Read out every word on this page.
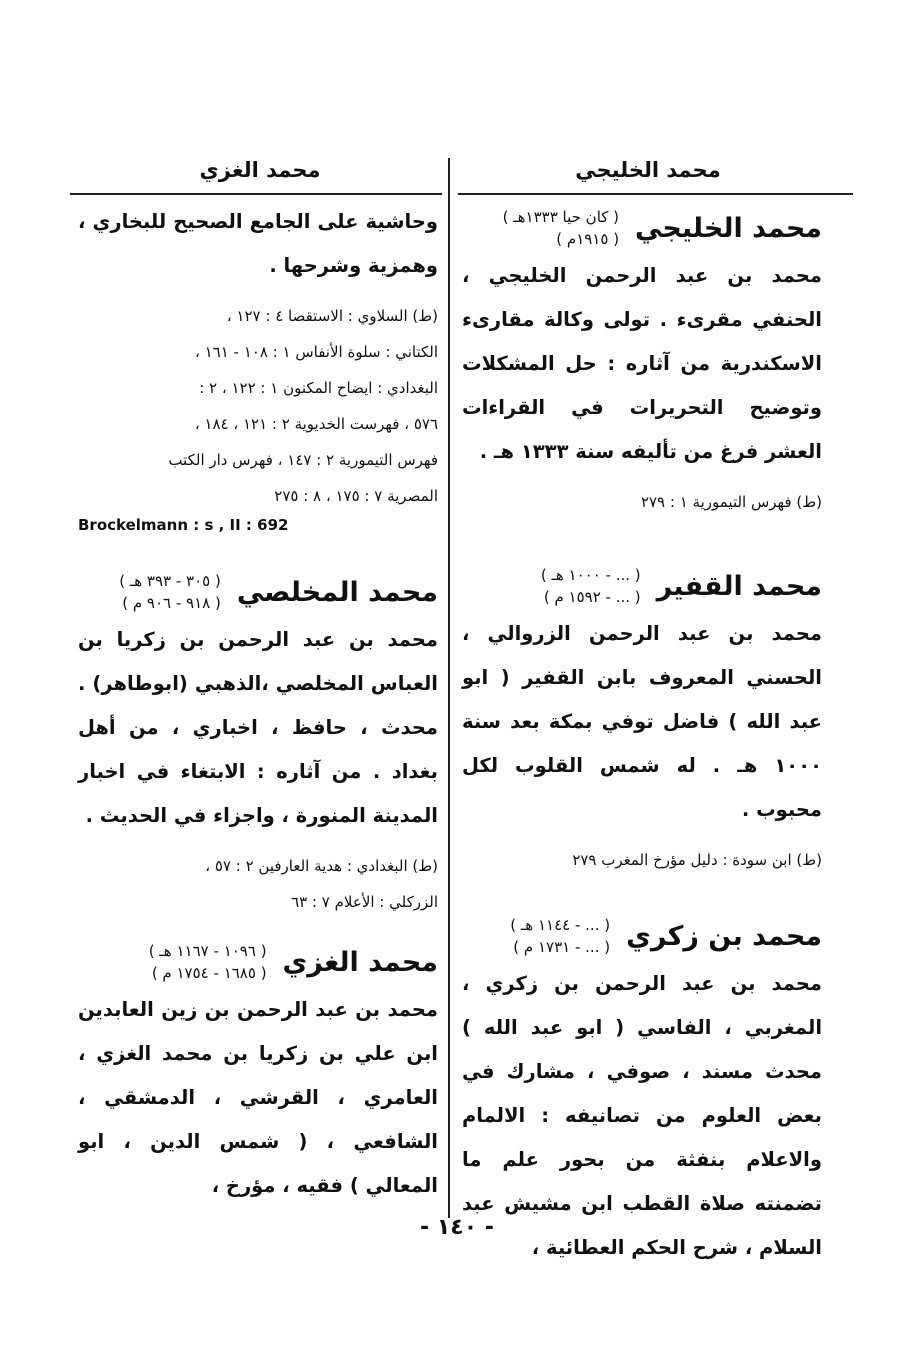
محمد الخليجي
محمد الغزي
محمد الخليجي
( كان حيا ١٣٣٣هـ )
( ١٩١٥م )

محمد بن عبد الرحمن الخليجي ، الحنفي مقرىء . تولى وكالة مقارىء الاسكندرية من آثاره : حل المشكلات وتوضيح التحريرات في القراءات العشر فرغ من تأليفه سنة ١٣٣٣ هـ .

(ط) فهرس التيمورية ١ : ٢٧٩

محمد القفير
( ... - ١٠٠٠ هـ )
( ... - ١٥٩٢ م )

محمد بن عبد الرحمن الزروالي ، الحسني المعروف بابن القفير ( ابو عبد الله ) فاضل توفي بمكة بعد سنة ١٠٠٠ هـ . له شمس القلوب لكل محبوب .

(ط) ابن سودة : دليل مؤرخ المغرب ٢٧٩

محمد بن زكري
( ... - ١١٤٤ هـ )
( ... - ١٧٣١ م )

محمد بن عبد الرحمن بن زكري ، المغربي ، الفاسي ( ابو عبد الله ) محدث مسند ، صوفي ، مشارك في بعض العلوم من تصانيفه : الالمام والاعلام بنفثة من بحور علم ما تضمنته صلاة القطب ابن مشيش عبد السلام ، شرح الحكم العطائية ،

وحاشية على الجامع الصحيح للبخاري ، وهمزية وشرحها .

(ط) السلاوي : الاستقصا ٤ : ١٢٧ ،
الكتاني : سلوة الأنفاس ١ : ١٠٨ - ١٦١ ،
البغدادي : ايضاح المكنون ١ : ١٢٢ ، ٢ :
٥٧٦ ، فهرست الخديوية ٢ : ١٢١ ، ١٨٤ ،
فهرس التيمورية ٢ : ١٤٧ ، فهرس دار الكتب
المصرية ٧ : ١٧٥ ، ٨ : ٢٧٥
Brockelmann : s , II : 692
محمد المخلصي
( ٣٠٥ - ٣٩٣ هـ )
( ٩١٨ - ٩٠٦ م )

محمد بن عبد الرحمن بن زكريا بن العباس المخلصي ،الذهبي (ابوطاهر) . محدث ، حافظ ، اخباري ، من أهل بغداد . من آثاره : الابتغاء في اخبار المدينة المنورة ، واجزاء في الحديث .

(ط) البغدادي : هدية العارفين ٢ : ٥٧ ،
الزركلي : الأعلام ٧ : ٦٣
محمد الغزي
( ١٠٩٦ - ١١٦٧ هـ )
( ١٦٨٥ - ١٧٥٤ م )

محمد بن عبد الرحمن بن زين العابدين ابن علي بن زكريا بن محمد الغزي ، العامري ، القرشي ، الدمشقي ، الشافعي ، ( شمس الدين ، ابو المعالي ) فقيه ، مؤرخ ،

- ١٤٠ -
